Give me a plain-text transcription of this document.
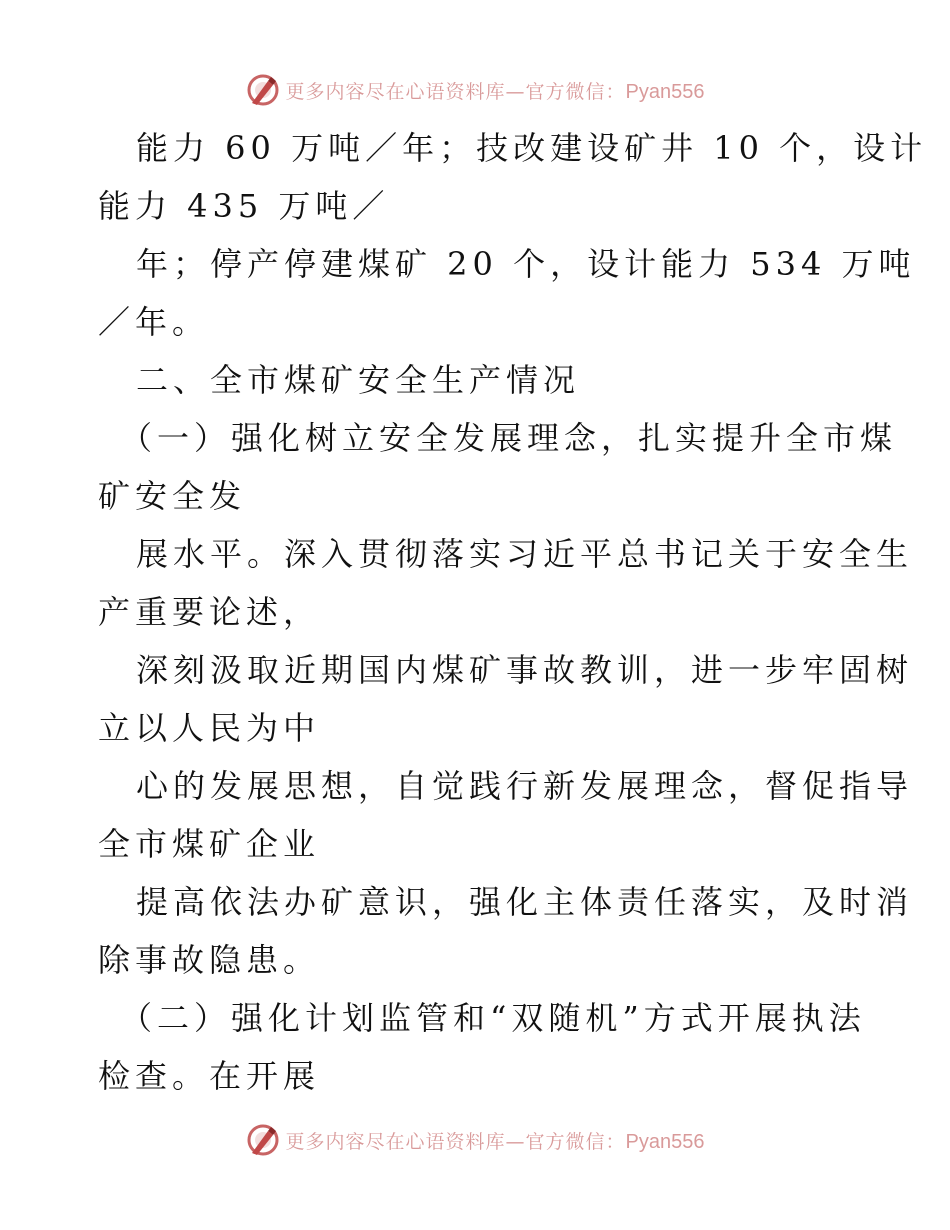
更多内容尽在心语资料库—官方微信：Pyan556
能力 60 万吨／年；技改建设矿井 10 个，设计
能力 435 万吨／
年；停产停建煤矿 20 个，设计能力 534 万吨
／年。
二、全市煤矿安全生产情况
（一）强化树立安全发展理念，扎实提升全市煤
矿安全发
展水平。深入贯彻落实习近平总书记关于安全生
产重要论述，
深刻汲取近期国内煤矿事故教训，进一步牢固树
立以人民为中
心的发展思想，自觉践行新发展理念，督促指导
全市煤矿企业
提高依法办矿意识，强化主体责任落实，及时消
除事故隐患。
（二）强化计划监管和“双随机”方式开展执法
检查。在开展
更多内容尽在心语资料库—官方微信：Pyan556
